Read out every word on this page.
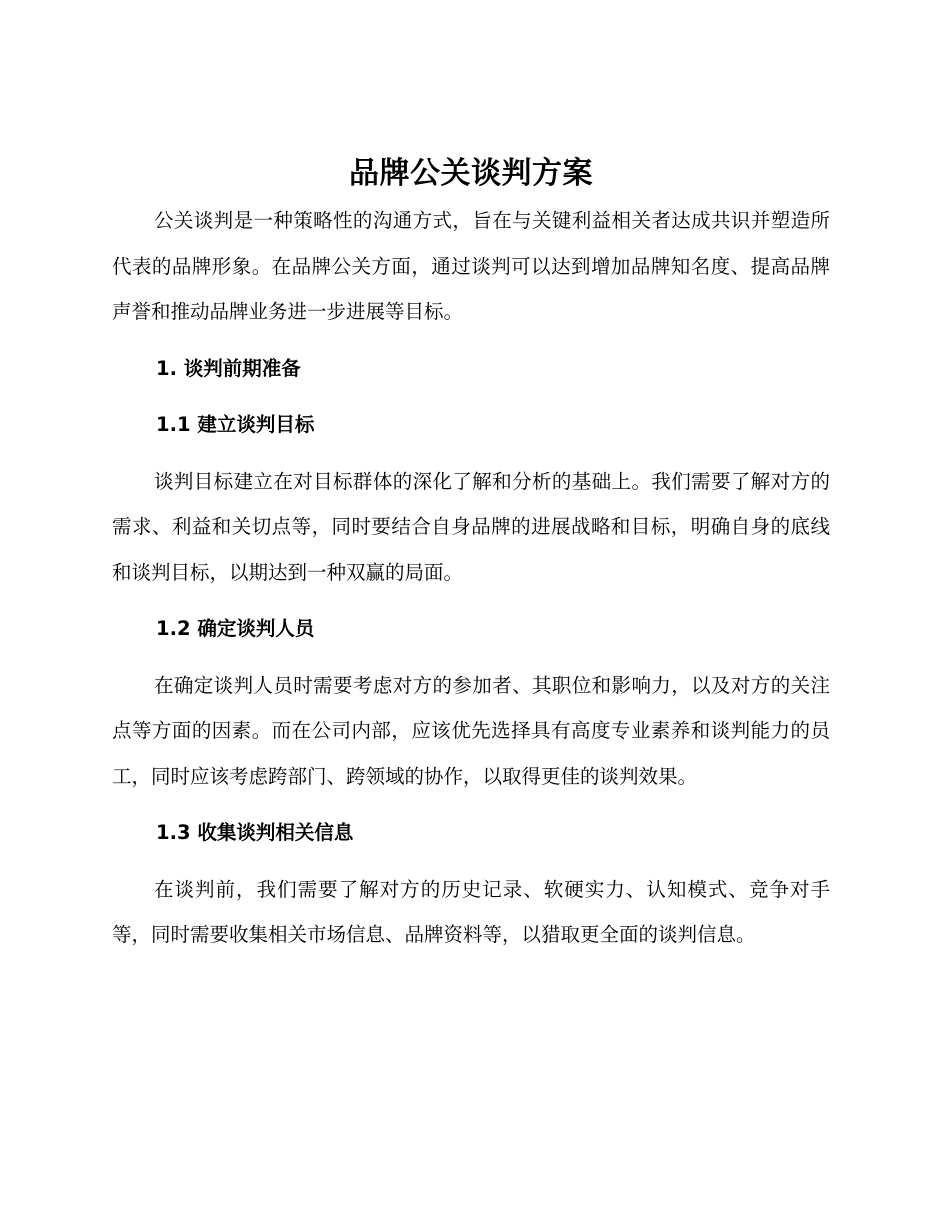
品牌公关谈判方案

公关谈判是一种策略性的沟通方式，旨在与关键利益相关者达成共识并塑造所代表的品牌形象。在品牌公关方面，通过谈判可以达到增加品牌知名度、提高品牌声誉和推动品牌业务进一步进展等目标。

1. 谈判前期准备
1.1 建立谈判目标

谈判目标建立在对目标群体的深化了解和分析的基础上。我们需要了解对方的需求、利益和关切点等，同时要结合自身品牌的进展战略和目标，明确自身的底线和谈判目标，以期达到一种双赢的局面。

1.2 确定谈判人员

在确定谈判人员时需要考虑对方的参加者、其职位和影响力，以及对方的关注点等方面的因素。而在公司内部，应该优先选择具有高度专业素养和谈判能力的员工，同时应该考虑跨部门、跨领域的协作，以取得更佳的谈判效果。

1.3 收集谈判相关信息

在谈判前，我们需要了解对方的历史记录、软硬实力、认知模式、竞争对手等，同时需要收集相关市场信息、品牌资料等，以猎取更全面的谈判信息。
